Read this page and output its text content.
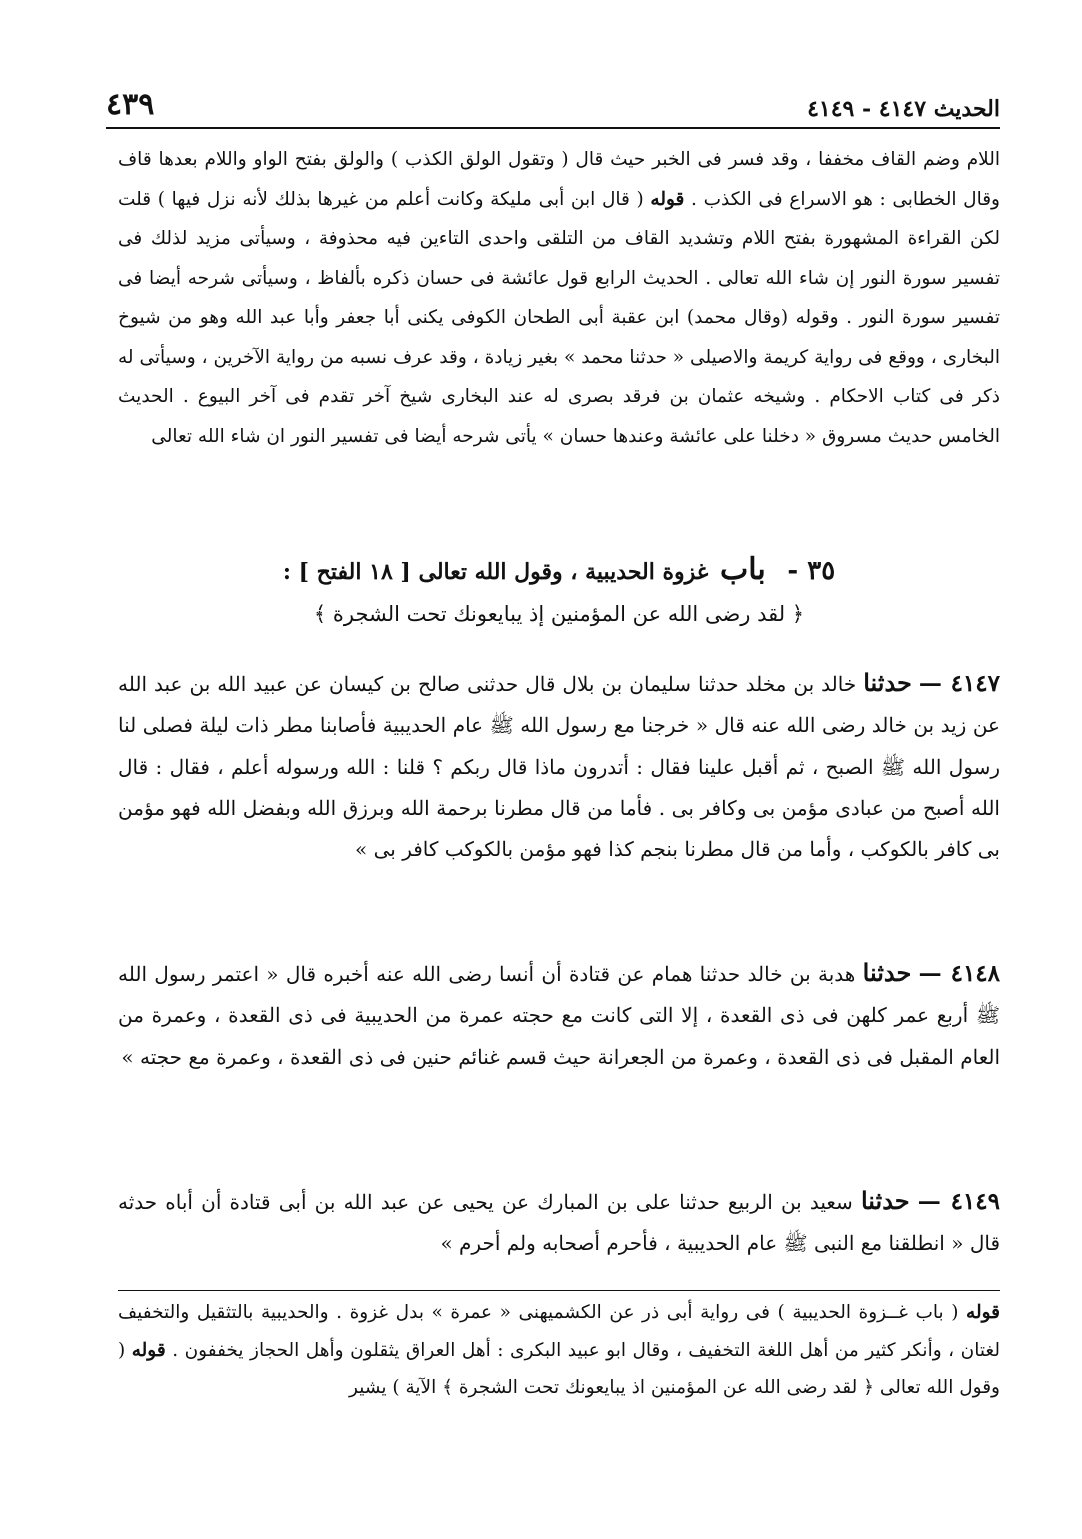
الحديث ٤١٤٧ - ٤١٤٩
٤٣٩

اللام وضم القاف مخففا ، وقد فسر فى الخبر حيث قال ( وتقول الولق الكذب ) والولق بفتح الواو واللام بعدها قاف وقال الخطابى : هو الاسراع فى الكذب . قوله ( قال ابن أبى مليكة وكانت أعلم من غيرها بذلك لأنه نزل فيها ) قلت لكن القراءة المشهورة بفتح اللام وتشديد القاف من التلقى واحدى التاءين فيه محذوفة ، وسيأتى مزيد لذلك فى تفسير سورة النور إن شاء الله تعالى . الحديث الرابع قول عائشة فى حسان ذكره بألفاظ ، وسيأتى شرحه أيضا فى تفسير سورة النور . وقوله (وقال محمد) ابن عقبة أبى الطحان الكوفى يكنى أبا جعفر وأبا عبد الله وهو من شيوخ البخارى ، ووقع فى رواية كريمة والاصيلى « حدثنا محمد » بغير زيادة ، وقد عرف نسبه من رواية الآخرين ، وسيأتى له ذكر فى كتاب الاحكام . وشيخه عثمان بن فرقد بصرى له عند البخارى شيخ آخر تقدم فى آخر البيوع . الحديث الخامس حديث مسروق « دخلنا على عائشة وعندها حسان » يأتى شرحه أيضا فى تفسير النور ان شاء الله تعالى

٣٥ - باب غزوة الحديبية ، وقول الله تعالى [ ١٨ الفتح ] :
﴿ لقد رضى الله عن المؤمنين إذ يبايعونك تحت الشجرة ﴾
٤١٤٧ — حدثنا خالد بن مخلد حدثنا سليمان بن بلال قال حدثنى صالح بن كيسان عن عبيد الله بن عبد الله عن زيد بن خالد رضى الله عنه قال « خرجنا مع رسول الله ﷺ عام الحديبية فأصابنا مطر ذات ليلة فصلى لنا رسول الله ﷺ الصبح ، ثم أقبل علينا فقال : أتدرون ماذا قال ربكم ؟ قلنا : الله ورسوله أعلم ، فقال : قال الله أصبح من عبادى مؤمن بى وكافر بى . فأما من قال مطرنا برحمة الله وبرزق الله وبفضل الله فهو مؤمن بى كافر بالكوكب ، وأما من قال مطرنا بنجم كذا فهو مؤمن بالكوكب كافر بى »
٤١٤٨ — حدثنا هدبة بن خالد حدثنا همام عن قتادة أن أنسا رضى الله عنه أخبره قال « اعتمر رسول الله ﷺ أربع عمر كلهن فى ذى القعدة ، إلا التى كانت مع حجته عمرة من الحديبية فى ذى القعدة ، وعمرة من العام المقبل فى ذى القعدة ، وعمرة من الجعرانة حيث قسم غنائم حنين فى ذى القعدة ، وعمرة مع حجته »
٤١٤٩ — حدثنا سعيد بن الربيع حدثنا على بن المبارك عن يحيى عن عبد الله بن أبى قتادة أن أباه حدثه قال « انطلقنا مع النبى ﷺ عام الحديبية ، فأحرم أصحابه ولم أحرم »

قوله ( باب غــزوة الحديبية ) فى رواية أبى ذر عن الكشميهنى « عمرة » بدل غزوة . والحديبية بالتثقيل والتخفيف لغتان ، وأنكر كثير من أهل اللغة التخفيف ، وقال ابو عبيد البكرى : أهل العراق يثقلون وأهل الحجاز يخففون . قوله ( وقول الله تعالى ﴿ لقد رضى الله عن المؤمنين اذ يبايعونك تحت الشجرة ﴾ الآية ) يشير
